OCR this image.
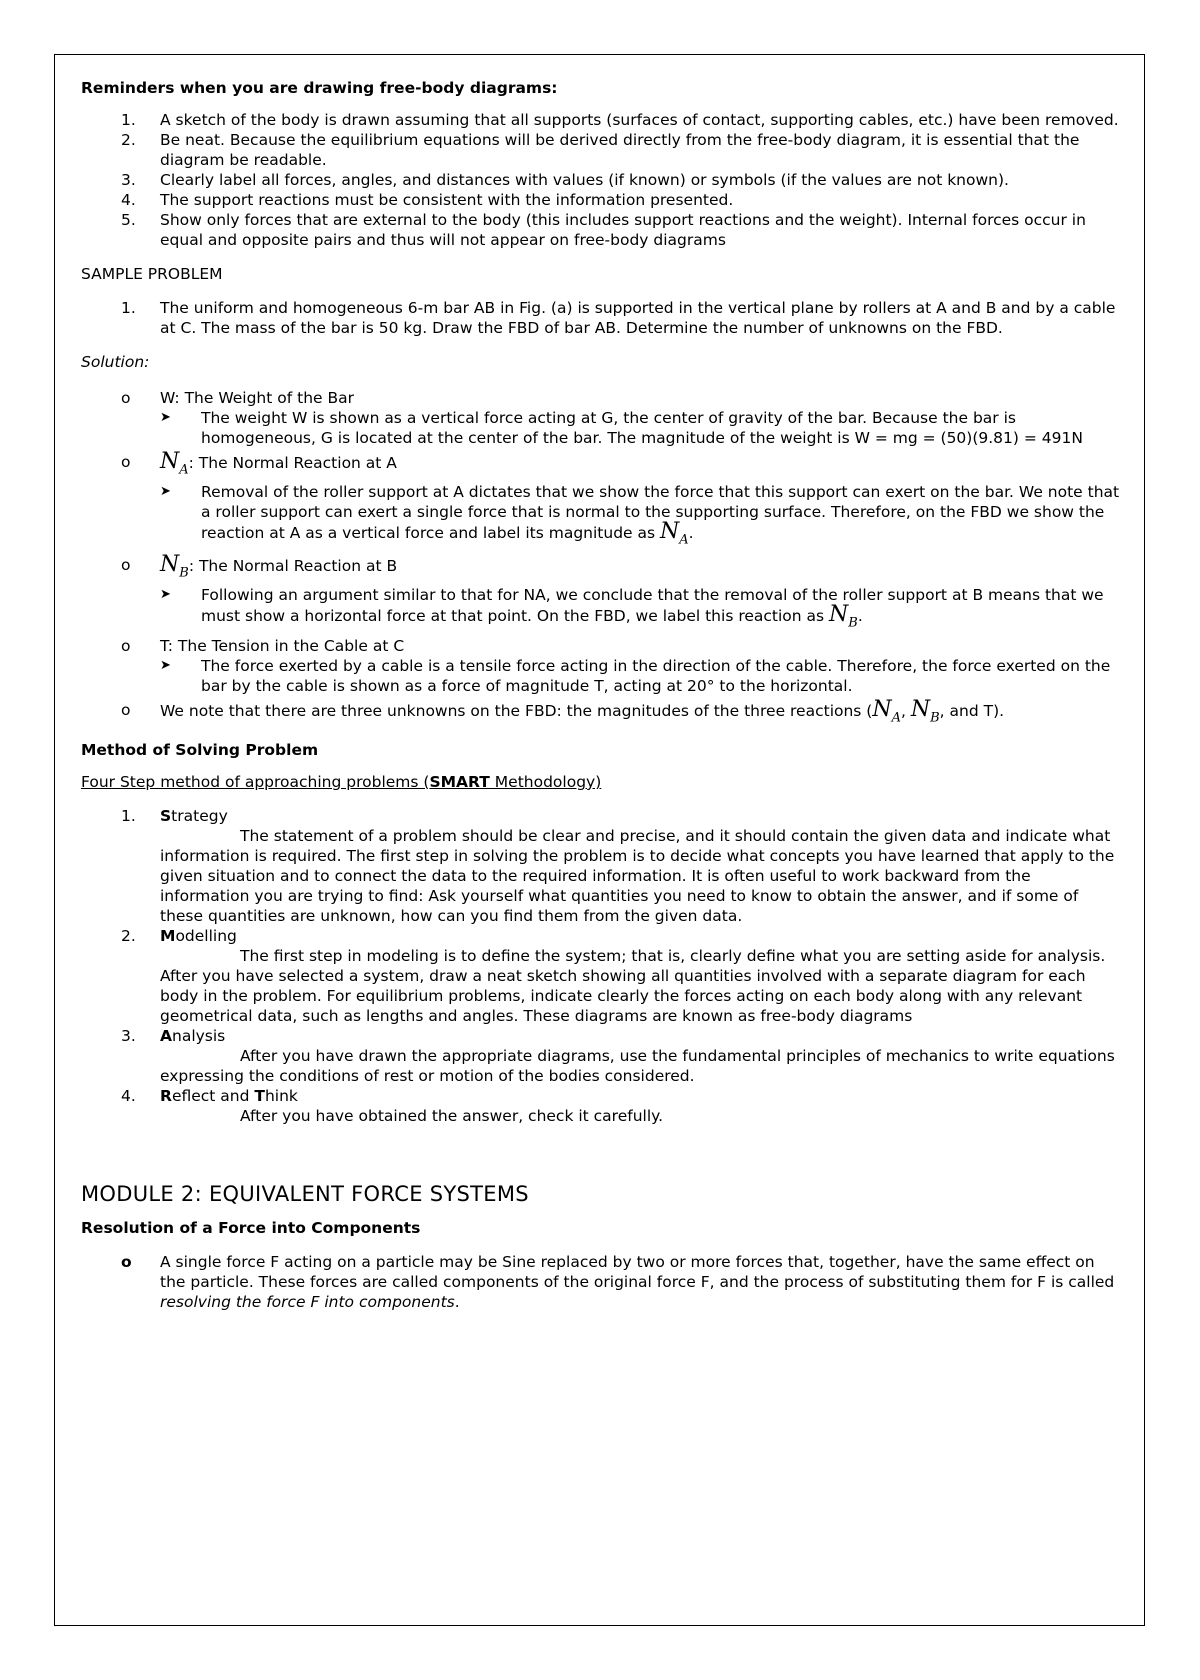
Reminders when you are drawing free-body diagrams:

1.	A sketch of the body is drawn assuming that all supports (surfaces of contact, supporting cables, etc.) have been removed.
2.	Be neat. Because the equilibrium equations will be derived directly from the free-body diagram, it is essential that the diagram be readable.
3.	Clearly label all forces, angles, and distances with values (if known) or symbols (if the values are not known).
4.	The support reactions must be consistent with the information presented.
5.	Show only forces that are external to the body (this includes support reactions and the weight). Internal forces occur in equal and opposite pairs and thus will not appear on free-body diagrams

SAMPLE PROBLEM

1.	The uniform and homogeneous 6-m bar AB in Fig. (a) is supported in the vertical plane by rollers at A and B and by a cable at C. The mass of the bar is 50 kg. Draw the FBD of bar AB. Determine the number of unknowns on the FBD.

Solution:

o W: The Weight of the Bar
➤ The weight W is shown as a vertical force acting at G, the center of gravity of the bar. Because the bar is homogeneous, G is located at the center of the bar. The magnitude of the weight is W = mg = (50)(9.81) = 491N
o $N_A$: The Normal Reaction at A
➤ Removal of the roller support at A dictates that we show the force that this support can exert on the bar. We note that a roller support can exert a single force that is normal to the supporting surface. Therefore, on the FBD we show the reaction at A as a vertical force and label its magnitude as $N_A$.
o $N_B$: The Normal Reaction at B
➤ Following an argument similar to that for NA, we conclude that the removal of the roller support at B means that we must show a horizontal force at that point. On the FBD, we label this reaction as $N_B$.
o T: The Tension in the Cable at C
➤ The force exerted by a cable is a tensile force acting in the direction of the cable. Therefore, the force exerted on the bar by the cable is shown as a force of magnitude T, acting at 20° to the horizontal.
o We note that there are three unknowns on the FBD: the magnitudes of the three reactions ($N_A$, $N_B$, and T).

Method of Solving Problem

Four Step method of approaching problems (SMART Methodology)

1.	Strategy
The statement of a problem should be clear and precise, and it should contain the given data and indicate what information is required. The first step in solving the problem is to decide what concepts you have learned that apply to the given situation and to connect the data to the required information. It is often useful to work backward from the information you are trying to find: Ask yourself what quantities you need to know to obtain the answer, and if some of these quantities are unknown, how can you find them from the given data.
2.	Modelling
The first step in modeling is to define the system; that is, clearly define what you are setting aside for analysis. After you have selected a system, draw a neat sketch showing all quantities involved with a separate diagram for each body in the problem. For equilibrium problems, indicate clearly the forces acting on each body along with any relevant geometrical data, such as lengths and angles. These diagrams are known as free-body diagrams
3.	Analysis
After you have drawn the appropriate diagrams, use the fundamental principles of mechanics to write equations expressing the conditions of rest or motion of the bodies considered.
4.	Reflect and Think
After you have obtained the answer, check it carefully.

MODULE 2: EQUIVALENT FORCE SYSTEMS

Resolution of a Force into Components

o A single force F acting on a particle may be Sine replaced by two or more forces that, together, have the same effect on the particle. These forces are called components of the original force F, and the process of substituting them for F is called resolving the force F into components.
